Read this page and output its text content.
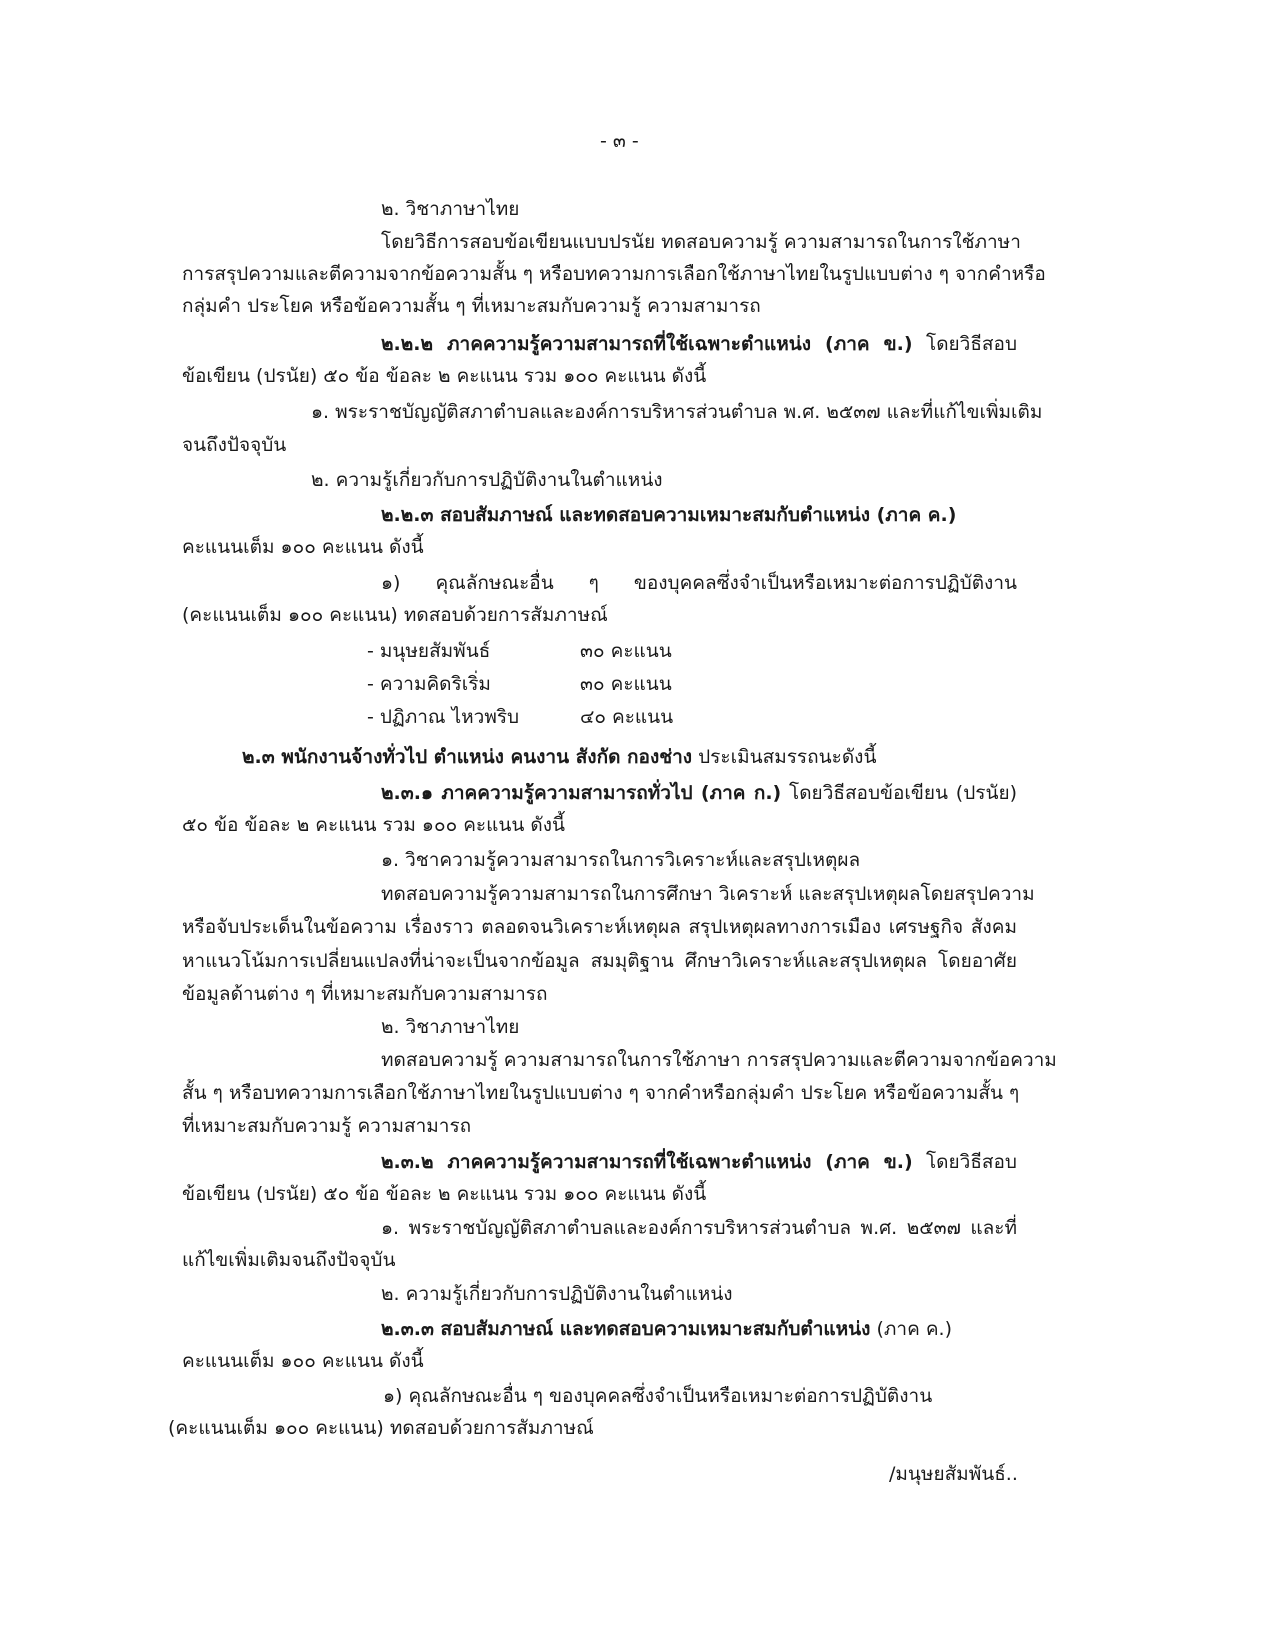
- ๓ -
๒. วิชาภาษาไทย
โดยวิธีการสอบข้อเขียนแบบปรนัย ทดสอบความรู้ ความสามารถในการใช้ภาษา
การสรุปความและตีความจากข้อความสั้น ๆ หรือบทความการเลือกใช้ภาษาไทยในรูปแบบต่าง ๆ จากคำหรือ
กลุ่มคำ ประโยค หรือข้อความสั้น ๆ ที่เหมาะสมกับความรู้ ความสามารถ
๒.๒.๒ ภาคความรู้ความสามารถที่ใช้เฉพาะตำแหน่ง (ภาค ข.) โดยวิธีสอบ
ข้อเขียน (ปรนัย) ๕๐ ข้อ ข้อละ ๒ คะแนน รวม ๑๐๐ คะแนน ดังนี้
๑. พระราชบัญญัติสภาตำบลและองค์การบริหารส่วนตำบล พ.ศ. ๒๕๓๗ และที่แก้ไขเพิ่มเติม
จนถึงปัจจุบัน
๒. ความรู้เกี่ยวกับการปฏิบัติงานในตำแหน่ง
๒.๒.๓ สอบสัมภาษณ์ และทดสอบความเหมาะสมกับตำแหน่ง (ภาค ค.)
คะแนนเต็ม ๑๐๐ คะแนน ดังนี้
๑) คุณลักษณะอื่น ๆ ของบุคคลซึ่งจำเป็นหรือเหมาะต่อการปฏิบัติงาน
(คะแนนเต็ม ๑๐๐ คะแนน) ทดสอบด้วยการสัมภาษณ์
- มนุษยสัมพันธ์	๓๐ คะแนน
- ความคิดริเริ่ม	๓๐ คะแนน
- ปฏิภาณ ไหวพริบ	๔๐ คะแนน
๒.๓ พนักงานจ้างทั่วไป ตำแหน่ง คนงาน สังกัด กองช่าง ประเมินสมรรถนะดังนี้
๒.๓.๑ ภาคความรู้ความสามารถทั่วไป (ภาค ก.) โดยวิธีสอบข้อเขียน (ปรนัย)
๕๐ ข้อ ข้อละ ๒ คะแนน รวม ๑๐๐ คะแนน ดังนี้
๑. วิชาความรู้ความสามารถในการวิเคราะห์และสรุปเหตุผล
ทดสอบความรู้ความสามารถในการศึกษา วิเคราะห์ และสรุปเหตุผลโดยสรุปความ
หรือจับประเด็นในข้อความ เรื่องราว ตลอดจนวิเคราะห์เหตุผล สรุปเหตุผลทางการเมือง เศรษฐกิจ สังคม
หาแนวโน้มการเปลี่ยนแปลงที่น่าจะเป็นจากข้อมูล สมมุติฐาน ศึกษาวิเคราะห์และสรุปเหตุผล โดยอาศัย
ข้อมูลด้านต่าง ๆ ที่เหมาะสมกับความสามารถ
๒. วิชาภาษาไทย
ทดสอบความรู้ ความสามารถในการใช้ภาษา การสรุปความและตีความจากข้อความ
สั้น ๆ หรือบทความการเลือกใช้ภาษาไทยในรูปแบบต่าง ๆ จากคำหรือกลุ่มคำ ประโยค หรือข้อความสั้น ๆ
ที่เหมาะสมกับความรู้ ความสามารถ
๒.๓.๒ ภาคความรู้ความสามารถที่ใช้เฉพาะตำแหน่ง (ภาค ข.) โดยวิธีสอบ
ข้อเขียน (ปรนัย) ๕๐ ข้อ ข้อละ ๒ คะแนน รวม ๑๐๐ คะแนน ดังนี้
๑. พระราชบัญญัติสภาตำบลและองค์การบริหารส่วนตำบล พ.ศ. ๒๕๓๗ และที่
แก้ไขเพิ่มเติมจนถึงปัจจุบัน
๒. ความรู้เกี่ยวกับการปฏิบัติงานในตำแหน่ง
๒.๓.๓ สอบสัมภาษณ์ และทดสอบความเหมาะสมกับตำแหน่ง (ภาค ค.)
คะแนนเต็ม ๑๐๐ คะแนน ดังนี้
๑) คุณลักษณะอื่น ๆ ของบุคคลซึ่งจำเป็นหรือเหมาะต่อการปฏิบัติงาน
(คะแนนเต็ม ๑๐๐ คะแนน) ทดสอบด้วยการสัมภาษณ์
/มนุษยสัมพันธ์..
